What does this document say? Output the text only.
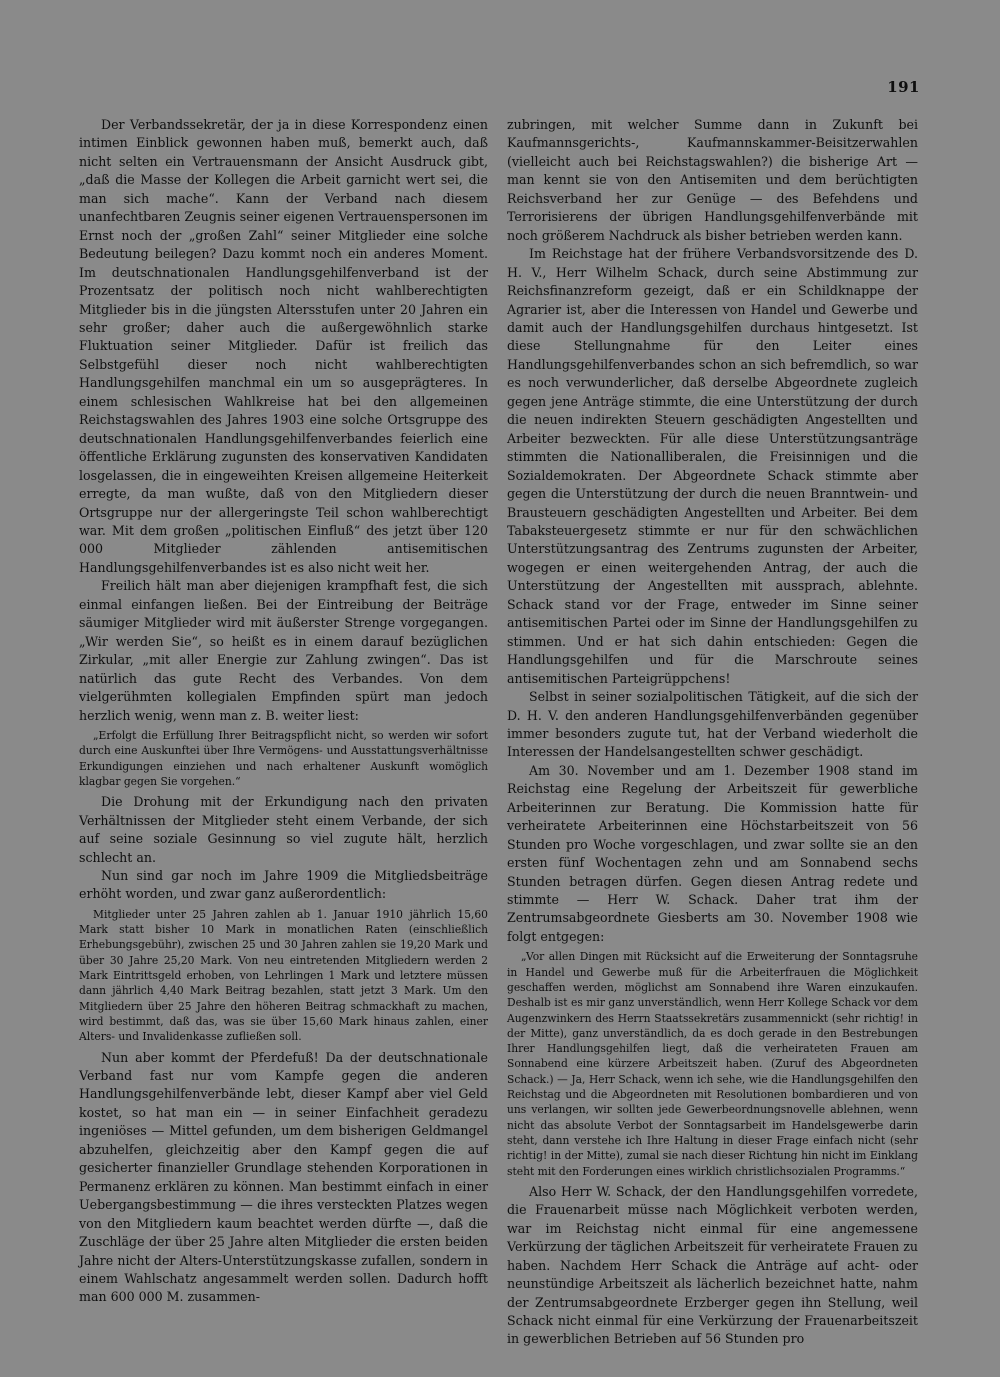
191

Der Verbandssekretär, der ja in diese Korrespondenz einen intimen Einblick gewonnen haben muß, bemerkt auch, daß nicht selten ein Vertrauensmann der Ansicht Ausdruck gibt, „daß die Masse der Kollegen die Arbeit garnicht wert sei, die man sich mache“. Kann der Verband nach diesem unanfechtbaren Zeugnis seiner eigenen Vertrauenspersonen im Ernst noch der „großen Zahl“ seiner Mitglieder eine solche Bedeutung beilegen? Dazu kommt noch ein anderes Moment. Im deutschnationalen Handlungsgehilfenverband ist der Prozentsatz der politisch noch nicht wahlberechtigten Mitglieder bis in die jüngsten Altersstufen unter 20 Jahren ein sehr großer; daher auch die außergewöhnlich starke Fluktuation seiner Mitglieder. Dafür ist freilich das Selbstgefühl dieser noch nicht wahlberechtigten Handlungsgehilfen manchmal ein um so ausgeprägteres. In einem schlesischen Wahlkreise hat bei den allgemeinen Reichstagswahlen des Jahres 1903 eine solche Ortsgruppe des deutschnationalen Handlungsgehilfenverbandes feierlich eine öffentliche Erklärung zugunsten des konservativen Kandidaten losgelassen, die in eingeweihten Kreisen allgemeine Heiterkeit erregte, da man wußte, daß von den Mitgliedern dieser Ortsgruppe nur der allergeringste Teil schon wahlberechtigt war. Mit dem großen „politischen Einfluß“ des jetzt über 120 000 Mitglieder zählenden antisemitischen Handlungsgehilfenverbandes ist es also nicht weit her.

Freilich hält man aber diejenigen krampfhaft fest, die sich einmal einfangen ließen. Bei der Eintreibung der Beiträge säumiger Mitglieder wird mit äußerster Strenge vorgegangen. „Wir werden Sie“, so heißt es in einem darauf bezüglichen Zirkular, „mit aller Energie zur Zahlung zwingen“. Das ist natürlich das gute Recht des Verbandes. Von dem vielgerühmten kollegialen Empfinden spürt man jedoch herzlich wenig, wenn man z. B. weiter liest:

„Erfolgt die Erfüllung Ihrer Beitragspflicht nicht, so werden wir sofort durch eine Auskunftei über Ihre Vermögens- und Ausstattungsverhältnisse Erkundigungen einziehen und nach erhaltener Auskunft womöglich klagbar gegen Sie vorgehen.“

Die Drohung mit der Erkundigung nach den privaten Verhältnissen der Mitglieder steht einem Verbande, der sich auf seine soziale Gesinnung so viel zugute hält, herzlich schlecht an.

Nun sind gar noch im Jahre 1909 die Mitgliedsbeiträge erhöht worden, und zwar ganz außerordentlich:

Mitglieder unter 25 Jahren zahlen ab 1. Januar 1910 jährlich 15,60 Mark statt bisher 10 Mark in monatlichen Raten (einschließlich Erhebungsgebühr), zwischen 25 und 30 Jahren zahlen sie 19,20 Mark und über 30 Jahre 25,20 Mark. Von neu eintretenden Mitgliedern werden 2 Mark Eintrittsgeld erhoben, von Lehrlingen 1 Mark und letztere müssen dann jährlich 4,40 Mark Beitrag bezahlen, statt jetzt 3 Mark. Um den Mitgliedern über 25 Jahre den höheren Beitrag schmackhaft zu machen, wird bestimmt, daß das, was sie über 15,60 Mark hinaus zahlen, einer Alters- und Invalidenkasse zufließen soll.

Nun aber kommt der Pferdefuß! Da der deutschnationale Verband fast nur vom Kampfe gegen die anderen Handlungsgehilfenverbände lebt, dieser Kampf aber viel Geld kostet, so hat man ein — in seiner Einfachheit geradezu ingeniöses — Mittel gefunden, um dem bisherigen Geldmangel abzuhelfen, gleichzeitig aber den Kampf gegen die auf gesicherter finanzieller Grundlage stehenden Korporationen in Permanenz erklären zu können. Man bestimmt einfach in einer Uebergangsbestimmung — die ihres versteckten Platzes wegen von den Mitgliedern kaum beachtet werden dürfte —, daß die Zuschläge der über 25 Jahre alten Mitglieder die ersten beiden Jahre nicht der Alters-Unterstützungskasse zufallen, sondern in einem Wahlschatz angesammelt werden sollen. Dadurch hofft man 600 000 M. zusammen-

zubringen, mit welcher Summe dann in Zukunft bei Kaufmannsgerichts-, Kaufmannskammer-Beisitzerwahlen (vielleicht auch bei Reichstagswahlen?) die bisherige Art — man kennt sie von den Antisemiten und dem berüchtigten Reichsverband her zur Genüge — des Befehdens und Terrorisierens der übrigen Handlungsgehilfenverbände mit noch größerem Nachdruck als bisher betrieben werden kann.

Im Reichstage hat der frühere Verbandsvorsitzende des D. H. V., Herr Wilhelm Schack, durch seine Abstimmung zur Reichsfinanzreform gezeigt, daß er ein Schildknappe der Agrarier ist, aber die Interessen von Handel und Gewerbe und damit auch der Handlungsgehilfen durchaus hintgesetzt. Ist diese Stellungnahme für den Leiter eines Handlungsgehilfenverbandes schon an sich befremdlich, so war es noch verwunderlicher, daß derselbe Abgeordnete zugleich gegen jene Anträge stimmte, die eine Unterstützung der durch die neuen indirekten Steuern geschädigten Angestellten und Arbeiter bezweckten. Für alle diese Unterstützungsanträge stimmten die Nationalliberalen, die Freisinnigen und die Sozialdemokraten. Der Abgeordnete Schack stimmte aber gegen die Unterstützung der durch die neuen Branntwein- und Brausteuern geschädigten Angestellten und Arbeiter. Bei dem Tabaksteuergesetz stimmte er nur für den schwächlichen Unterstützungsantrag des Zentrums zugunsten der Arbeiter, wogegen er einen weitergehenden Antrag, der auch die Unterstützung der Angestellten mit aussprach, ablehnte. Schack stand vor der Frage, entweder im Sinne seiner antisemitischen Partei oder im Sinne der Handlungsgehilfen zu stimmen. Und er hat sich dahin entschieden: Gegen die Handlungsgehilfen und für die Marschroute seines antisemitischen Parteigrüppchens!

Selbst in seiner sozialpolitischen Tätigkeit, auf die sich der D. H. V. den anderen Handlungsgehilfenverbänden gegenüber immer besonders zugute tut, hat der Verband wiederholt die Interessen der Handelsangestellten schwer geschädigt.

Am 30. November und am 1. Dezember 1908 stand im Reichstag eine Regelung der Arbeitszeit für gewerbliche Arbeiterinnen zur Beratung. Die Kommission hatte für verheiratete Arbeiterinnen eine Höchstarbeitszeit von 56 Stunden pro Woche vorgeschlagen, und zwar sollte sie an den ersten fünf Wochentagen zehn und am Sonnabend sechs Stunden betragen dürfen. Gegen diesen Antrag redete und stimmte — Herr W. Schack. Daher trat ihm der Zentrumsabgeordnete Giesberts am 30. November 1908 wie folgt entgegen:

„Vor allen Dingen mit Rücksicht auf die Erweiterung der Sonntagsruhe in Handel und Gewerbe muß für die Arbeiterfrauen die Möglichkeit geschaffen werden, möglichst am Sonnabend ihre Waren einzukaufen. Deshalb ist es mir ganz unverständlich, wenn Herr Kollege Schack vor dem Augenzwinkern des Herrn Staatssekretärs zusammennickt (sehr richtig! in der Mitte), ganz unverständlich, da es doch gerade in den Bestrebungen Ihrer Handlungsgehilfen liegt, daß die verheirateten Frauen am Sonnabend eine kürzere Arbeitszeit haben. (Zuruf des Abgeordneten Schack.) — Ja, Herr Schack, wenn ich sehe, wie die Handlungsgehilfen den Reichstag und die Abgeordneten mit Resolutionen bombardieren und von uns verlangen, wir sollten jede Gewerbeordnungsnovelle ablehnen, wenn nicht das absolute Verbot der Sonntagsarbeit im Handelsgewerbe darin steht, dann verstehe ich Ihre Haltung in dieser Frage einfach nicht (sehr richtig! in der Mitte), zumal sie nach dieser Richtung hin nicht im Einklang steht mit den Forderungen eines wirklich christlichsozialen Programms.“

Also Herr W. Schack, der den Handlungsgehilfen vorredete, die Frauenarbeit müsse nach Möglichkeit verboten werden, war im Reichstag nicht einmal für eine angemessene Verkürzung der täglichen Arbeitszeit für verheiratete Frauen zu haben. Nachdem Herr Schack die Anträge auf acht- oder neunstündige Arbeitszeit als lächerlich bezeichnet hatte, nahm der Zentrumsabgeordnete Erzberger gegen ihn Stellung, weil Schack nicht einmal für eine Verkürzung der Frauenarbeitszeit in gewerblichen Betrieben auf 56 Stunden pro
